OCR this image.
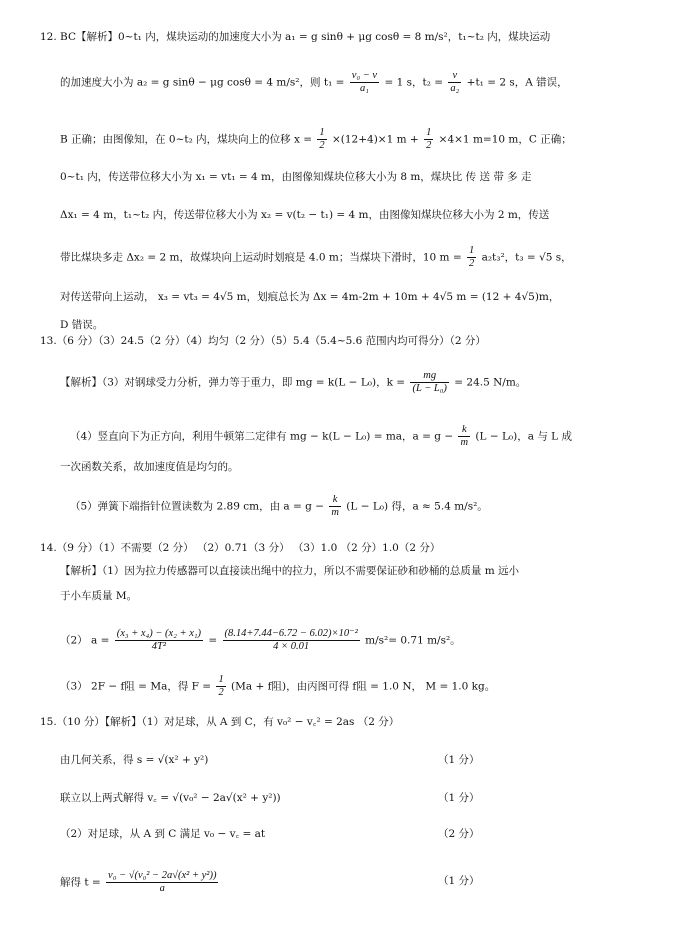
12. BC【解析】0~t₁ 内，煤块运动的加速度大小为 a₁ = g sinθ + μg cosθ = 8 m/s²，t₁~t₂ 内，煤块运动
的加速度大小为 a₂ = g sinθ − μg cosθ = 4 m/s²，则 $t_1 = \frac{\text{v₀ − v}}{\text{a₁}} = 1$ s，$t_2 = \frac{v}{\text{a₂}} +t_1 = 2$ s，A 错误，
B 正确；由图像知，在 0~t₂ 内，煤块向上的位移 $x = \frac{1}{2} \times(12+4)\times 1$ $m + \frac{1}{2} \times 4\times 1$ m=10 m，C 正确；
0~t₁ 内，传送带位移大小为 x₁ = vt₁ = 4 m，由图像知煤块位移大小为 8 m，煤块比 传 送 带 多 走
Δx₁ = 4 m，t₁~t₂ 内，传送带位移大小为 x₂ = v(t₂ − t₁) = 4 m，由图像知煤块位移大小为 2 m，传送
带比煤块多走 Δx₂ = 2 m，故煤块向上运动时划痕是 4.0 m；当煤块下滑时，10 $m = \frac{1}{2} a_2t_3^2$，t₃ = √5 s，
对传送带向上运动， x₃ = vt₃ = 4√5 m，划痕总长为 Δx = 4m-2m + 10m + 4√5 m = (12 + 4√5)m，
D 错误。
13.（6 分）（3）24.5（2 分）（4）均匀（2 分）（5）5.4（5.4~5.6 范围内均可得分）（2 分）
【解析】（3）对钢球受力分析，弹力等于重力，即 mg = k(L − L₀)，$k = \frac{mg}{\text{(L − L₀)}} = 24.5$ N/m。
（4）竖直向下为正方向，利用牛顿第二定律有 mg − k(L − L₀) = ma，$a = g - \frac{k}{m} (L - L_0)$，a 与 L 成
一次函数关系，故加速度值是均匀的。
（5）弹簧下端指针位置读数为 2.89 cm，由 $a = g - \frac{k}{m} (L - L_0)$ 得，a ≈ 5.4 m/s²。
14.（9 分）（1）不需要（2 分） （2）0.71（3 分） （3）1.0 （2 分）1.0（2 分）
【解析】（1）因为拉力传感器可以直接读出绳中的拉力，所以不需要保证砂和砂桶的总质量 m 远小
于小车质量 M。
（2） $a = \frac{\text{(x₃ + x₄) − (x₂ + x₁)}}{\text{4T²}} = \frac{\text{(8.14+7.44−6.72 − 6.02)×10⁻²}}{4 \times 0.01} m/s^2= 0.71$ m/s²。
（3） 2F − f阻 = Ma，得 $F = \frac{1}{2} (Ma + f$阻)，由丙图可得 f阻 = 1.0 N， M = 1.0 kg。
15.（10 分）【解析】（1）对足球，从 A 到 C，有 v₀² − v꜀² = 2as （2 分）
由几何关系，得 s = √(x² + y²)	（1 分）
联立以上两式解得 v꜀ = √(v₀² − 2a√(x² + y²))	（1 分）
（2）对足球，从 A 到 C 满足 v₀ − v꜀ = at	（2 分）
解得 $t = \frac{\text{v₀ − √(v₀² − 2a√(x² + y²))}}{a}$	（1 分）
